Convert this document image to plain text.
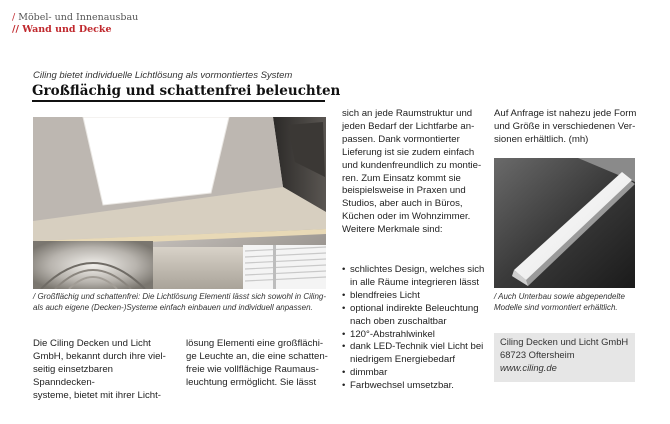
/ Möbel- und Innenausbau
// Wand und Decke
Ciling bietet individuelle Lichtlösung als vormontiertes System
Großflächig und schattenfrei beleuchten
/ Großflächig und schattenfrei: Die Lichtlösung Elementi lässt sich sowohl in Ciling-als auch eigene (Decken-)Systeme einfach einbauen und individuell anpassen.
/ Auch Unterbau sowie abgependelte Modelle sind vormontiert erhältlich.
Die Ciling Decken und Licht
GmbH, bekannt durch ihre viel-
seitig einsetzbaren Spanndecken-
systeme, bietet mit ihrer Licht-
lösung Elementi eine großflächi-
ge Leuchte an, die eine schatten-
freie wie vollflächige Raumaus-
leuchtung ermöglicht. Sie lässt
sich an jede Raumstruktur und
jeden Bedarf der Lichtfarbe an-
passen. Dank vormontierter
Lieferung ist sie zudem einfach
und kundenfreundlich zu montie-
ren. Zum Einsatz kommt sie
beispielsweise in Praxen und
Studios, aber auch in Büros,
Küchen oder im Wohnzimmer.
Weitere Merkmale sind:
• schlichtes Design, welches sich in alle Räume integrieren lässt
• blendfreies Licht
• optional indirekte Beleuchtung nach oben zuschaltbar
• 120°-Abstrahlwinkel
• dank LED-Technik viel Licht bei niedrigem Energiebedarf
• dimmbar
• Farbwechsel umsetzbar.
Auf Anfrage ist nahezu jede Form
und Größe in verschiedenen Ver-
sionen erhältlich. (mh)
Ciling Decken und Licht GmbH
68723 Oftersheim
www.ciling.de
